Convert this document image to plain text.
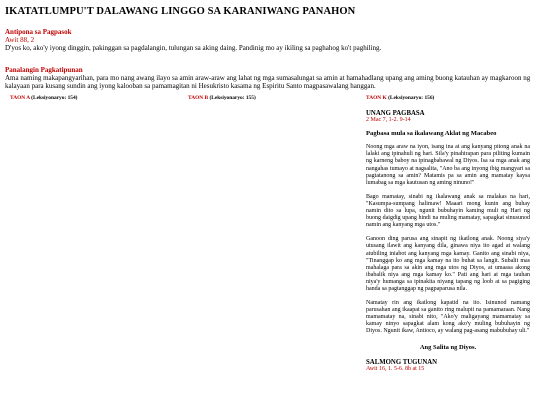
IKATATLUMPU'T DALAWANG LINGGO SA KARANIWANG PANAHON
Antipona sa Pagpasok
Awit 88, 2
D'yos ko, ako'y iyong dinggin, pakinggan sa pagdalangin, tulungan sa aking daing. Pandinig mo ay ikiling sa paghahog ko't paghiling.
Panalangin Pagkatipunan
Ama naming makapangyarihan, para mo nang awang ilayo sa amin araw-araw ang lahat ng mga sumasalungat sa amin at hamahadlang upang ang aming buong katauhan ay magkaroon ng kalayaan para kusang sundin ang iyong kalooban sa pamamagitan ni Hesukristo kasama ng Espiritu Santo magpasawalang hanggan.
TAON A (Leksiyonaryo: 154)	TAON B (Leksiyonaryo: 155)	TAON K (Leksiyonaryo: 156)

UNANG PAGBASA

2 Mac 7, 1-2. 9-14

Pagbasa mula sa ikalawang Aklat ng Macabeo

Noong mga araw na iyon, isang ina at ang kanyang pitong anak na lalaki ang ipinahuli ng hari. Sila'y pinahirapan para piliting kumain ng karneng baboy na ipinagbabawal ng Diyos. Isa sa mga anak ang nangahas tumayo at nagsalita, "Ano ba ang inyong ibig mangyari sa pagtatanong sa amin? Matamis pa sa amin ang mamatay kaysa lumabag sa mga kautusan ng aming ninuno!"

Bago mamatay, sinabi ng ikalawang anak sa malakas na hari, "Kasumpa-sumpang halimaw! Maaari mong kunin ang buhay namin dito sa lupa, ngunit bubuhayin kaming muli ng Hari ng buong daigdig upang hindi na muling mamatay, sapagkat sinusunod namin ang kanyang mga utos."

Ganoon ding parusa ang sinapit ng ikatlong anak. Noong siya'y utusang ilawit ang kanyang dila, ginawa niya ito agad at walang atubiling iniabot ang kanyang mga kamay. Ganito ang sinabi niya, "Tinanggap ko ang mga kamay na ito buhat sa langit. Subalit mas mahalaga para sa akin ang mga utos ng Diyos, at umaasa akong ibabalik niya ang mga kamay ko." Pati ang hari at mga tauhan niya'y humanga sa ipinakita niyang tapang ng loob at sa pagiging handa sa pagtanggap ng pagpaparusa nila.

Namatay rin ang ikatlong kapatid na ito. Isinunod namang parusahan ang ikaapat sa ganito ring malupit na pamamaraan. Nang mamamatay na, sinabi nito, "Ako'y maligayang mamamatay sa kamay ninyo sapagkat alam kong ako'y muling bubuhayin ng Diyos. Ngunit ikaw, Antioco, ay walang pag-asang mabubuhay uli."

Ang Salita ng Diyos.

SALMONG TUGUNAN

Awit 16, 1. 5-6. 8b at 15
